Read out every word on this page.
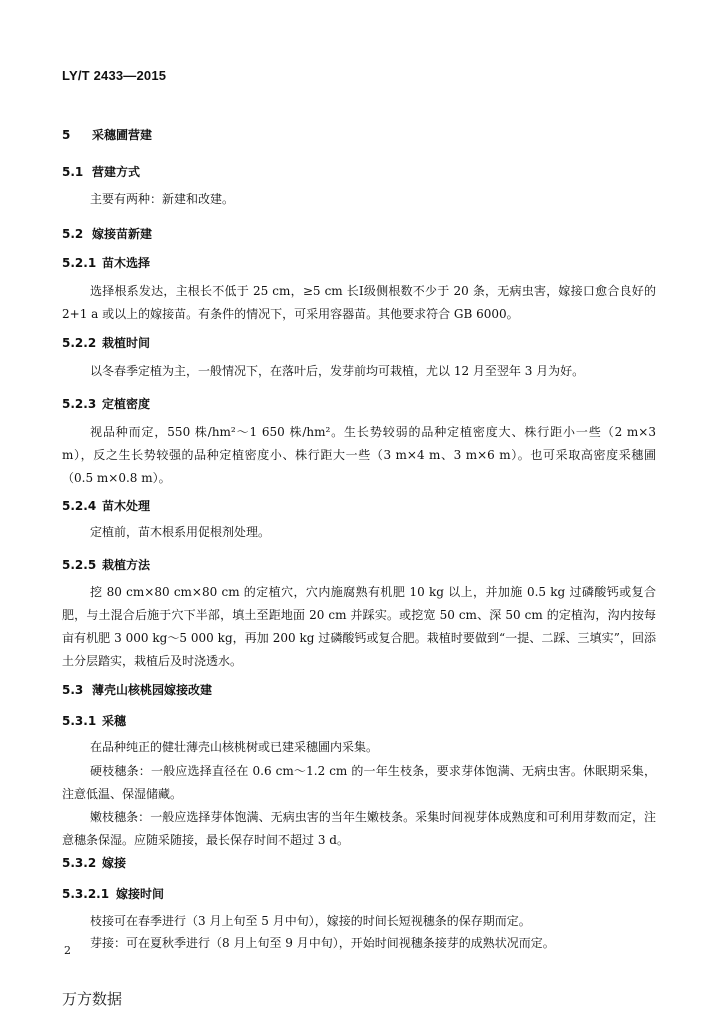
LY/T 2433—2015
5 采穗圃营建
5.1 营建方式
主要有两种：新建和改建。
5.2 嫁接苗新建
5.2.1 苗木选择
选择根系发达，主根长不低于 25 cm，≥5 cm 长Ⅰ级侧根数不少于 20 条，无病虫害，嫁接口愈合良好的 2+1 a 或以上的嫁接苗。有条件的情况下，可采用容器苗。其他要求符合 GB 6000。
5.2.2 栽植时间
以冬春季定植为主，一般情况下，在落叶后，发芽前均可栽植，尤以 12 月至翌年 3 月为好。
5.2.3 定植密度
视品种而定，550 株/hm²～1 650 株/hm²。生长势较弱的品种定植密度大、株行距小一些（2 m×3 m），反之生长势较强的品种定植密度小、株行距大一些（3 m×4 m、3 m×6 m）。也可采取高密度采穗圃（0.5 m×0.8 m）。
5.2.4 苗木处理
定植前，苗木根系用促根剂处理。
5.2.5 栽植方法
挖 80 cm×80 cm×80 cm 的定植穴，穴内施腐熟有机肥 10 kg 以上，并加施 0.5 kg 过磷酸钙或复合肥，与土混合后施于穴下半部，填土至距地面 20 cm 并踩实。或挖宽 50 cm、深 50 cm 的定植沟，沟内按每亩有机肥 3 000 kg～5 000 kg，再加 200 kg 过磷酸钙或复合肥。栽植时要做到“一提、二踩、三填实”，回添土分层踏实，栽植后及时浇透水。
5.3 薄壳山核桃园嫁接改建
5.3.1 采穗
在品种纯正的健壮薄壳山核桃树或已建采穗圃内采集。
硬枝穗条：一般应选择直径在 0.6 cm～1.2 cm 的一年生枝条，要求芽体饱满、无病虫害。休眠期采集，注意低温、保湿储藏。
嫩枝穗条：一般应选择芽体饱满、无病虫害的当年生嫩枝条。采集时间视芽体成熟度和可利用芽数而定，注意穗条保湿。应随采随接，最长保存时间不超过 3 d。
5.3.2 嫁接
5.3.2.1 嫁接时间
枝接可在春季进行（3 月上旬至 5 月中旬），嫁接的时间长短视穗条的保存期而定。
芽接：可在夏秋季进行（8 月上旬至 9 月中旬），开始时间视穗条接芽的成熟状况而定。
2
万方数据
